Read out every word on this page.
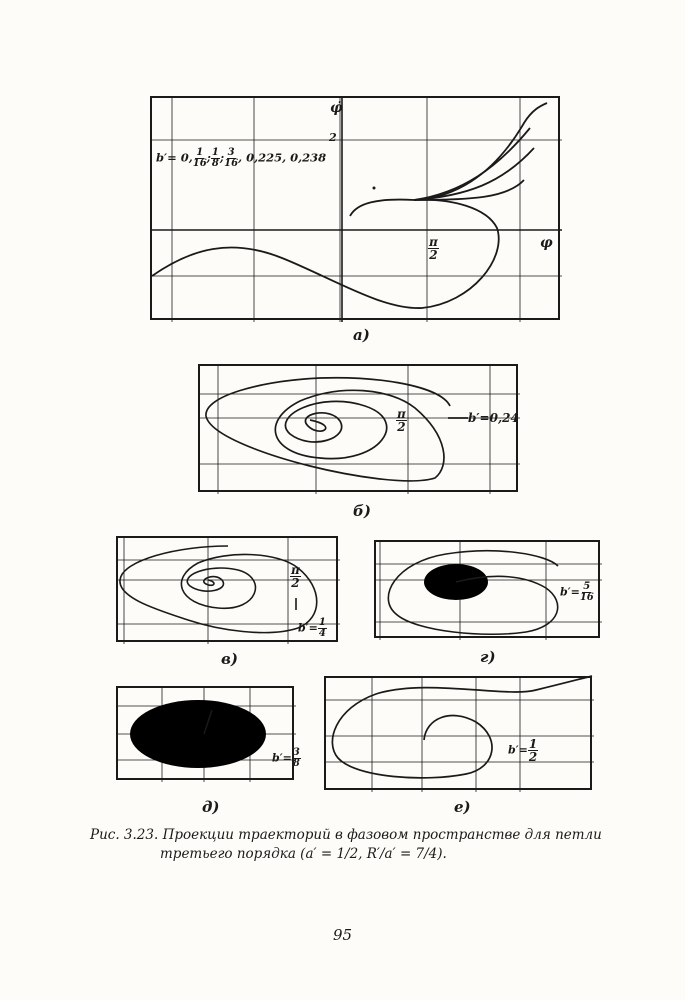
φ̇
2
φ
$\frac{\pi}{2}$
b′= 0, $\frac{1}{16}$ ; $\frac{1}{8}$ ; $\frac{3}{16}$ , 0,225, 0,238
а)
$\frac{\pi}{2}$	b′=0,24
б)
$\frac{\pi}{2}$
$b'= \frac{1}{4}$
в)
$b'= \frac{5}{16}$
г)
$b'= \frac{3}{8}$
д)
$b'= \frac{1}{2}$
е)
Рис. 3.23. Проекции траекторий в фазовом пространстве для петли
третьего порядка (a′ = 1/2, R′/a′ = 7/4).
95
